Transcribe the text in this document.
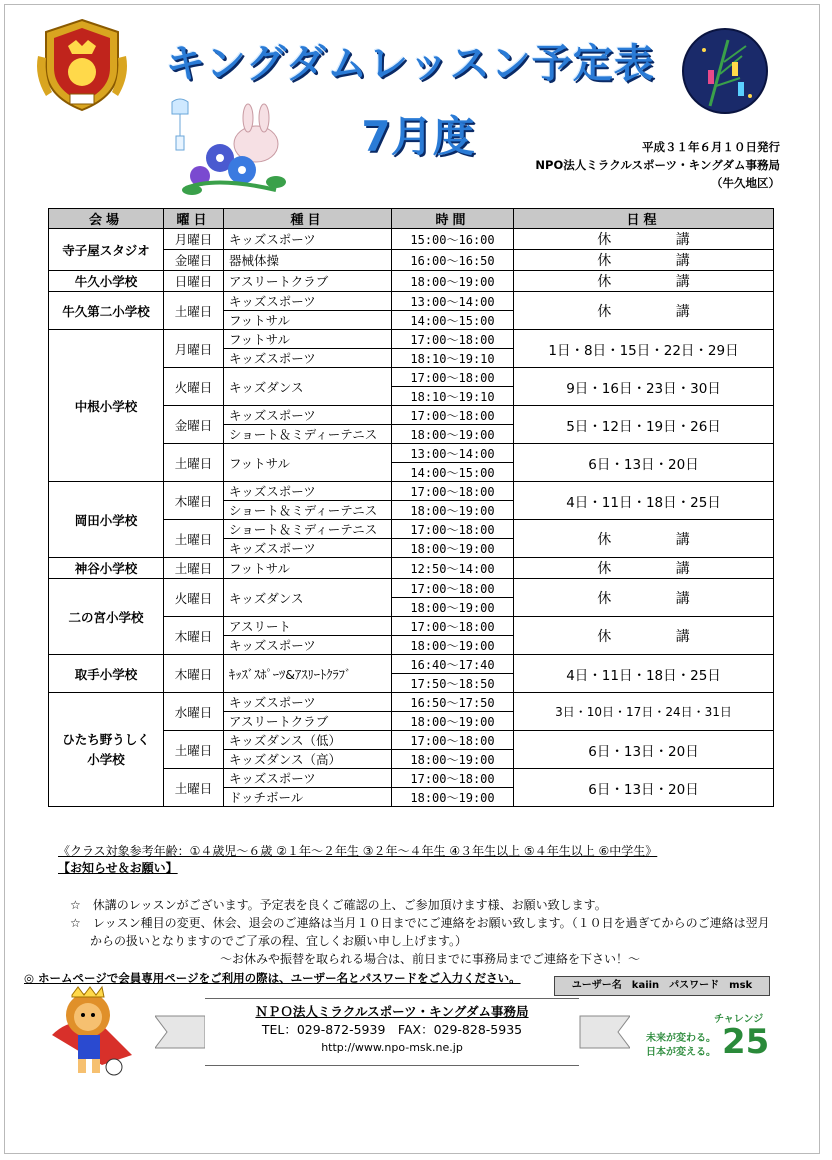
キングダムレッスン予定表
7月度	平成３１年６月１０日発行
NPO法人ミラクルスポーツ・キングダム事務局
（牛久地区）
会場	曜日	種目	時間	日程
寺子屋スタジオ	月曜日	キッズスポーツ	15:00〜16:00	休 講
	金曜日	器械体操	16:00〜16:50	休 講
牛久小学校	日曜日	アスリートクラブ	18:00〜19:00	休 講
牛久第二小学校	土曜日	キッズスポーツ	13:00〜14:00	休 講
		フットサル	14:00〜15:00	
中根小学校	月曜日	フットサル	17:00〜18:00	1日・8日・15日・22日・29日
		キッズスポーツ	18:10〜19:10	
	火曜日	キッズダンス	17:00〜18:00	9日・16日・23日・30日
			18:10〜19:10	
	金曜日	キッズスポーツ	17:00〜18:00	5日・12日・19日・26日
		ショート＆ミディーテニス	18:00〜19:00	
	土曜日	フットサル	13:00〜14:00	6日・13日・20日
			14:00〜15:00	
岡田小学校	木曜日	キッズスポーツ	17:00〜18:00	4日・11日・18日・25日
		ショート＆ミディーテニス	18:00〜19:00	
	土曜日	ショート＆ミディーテニス	17:00〜18:00	休 講
		キッズスポーツ	18:00〜19:00	
神谷小学校	土曜日	フットサル	12:50〜14:00	休 講
二の宮小学校	火曜日	キッズダンス	17:00〜18:00	休 講
			18:00〜19:00	
	木曜日	アスリート	17:00〜18:00	休 講
		キッズスポーツ	18:00〜19:00	
取手小学校	木曜日	ｷｯｽﾞｽﾎﾟｰﾂ&ｱｽﾘｰﾄｸﾗﾌﾞ	16:40〜17:40	4日・11日・18日・25日
			17:50〜18:50	
ひたち野うしく
小学校	水曜日	キッズスポーツ	16:50〜17:50	3日・10日・17日・24日・31日
		アスリートクラブ	18:00〜19:00	
	土曜日	キッズダンス（低）	17:00〜18:00	6日・13日・20日
		キッズダンス（高）	18:00〜19:00	
	土曜日	キッズスポーツ	17:00〜18:00	6日・13日・20日
		ドッチボール	18:00〜19:00	
《クラス対象参考年齢：①４歳児〜６歳 ②１年〜２年生 ③２年〜４年生 ④３年生以上 ⑤４年生以上 ⑥中学生》
【お知らせ＆お願い】

☆　休講のレッスンがございます。予定表を良くご確認の上、ご参加頂けます様、お願い致します。

☆　レッスン種目の変更、休会、退会のご連絡は当月１０日までにご連絡をお願い致します。（１０日を過ぎてからのご連絡は翌月からの扱いとなりますのでご了承の程、宜しくお願い申し上げます。）

〜お休みや振替を取られる場合は、前日までに事務局までご連絡を下さい！〜

◎ ホームページで会員専用ページをご利用の際は、ユーザー名とパスワードをご入力ください。
ユーザー名　kaiin　パスワード　msk
ＮＰＯ法人ミラクルスポーツ・キングダム事務局
TEL：029‐872‐5939　FAX：029‐828‐5935
http://www.npo-msk.ne.jp
チャレンジ
25
未来が変わる。
日本が変える。
